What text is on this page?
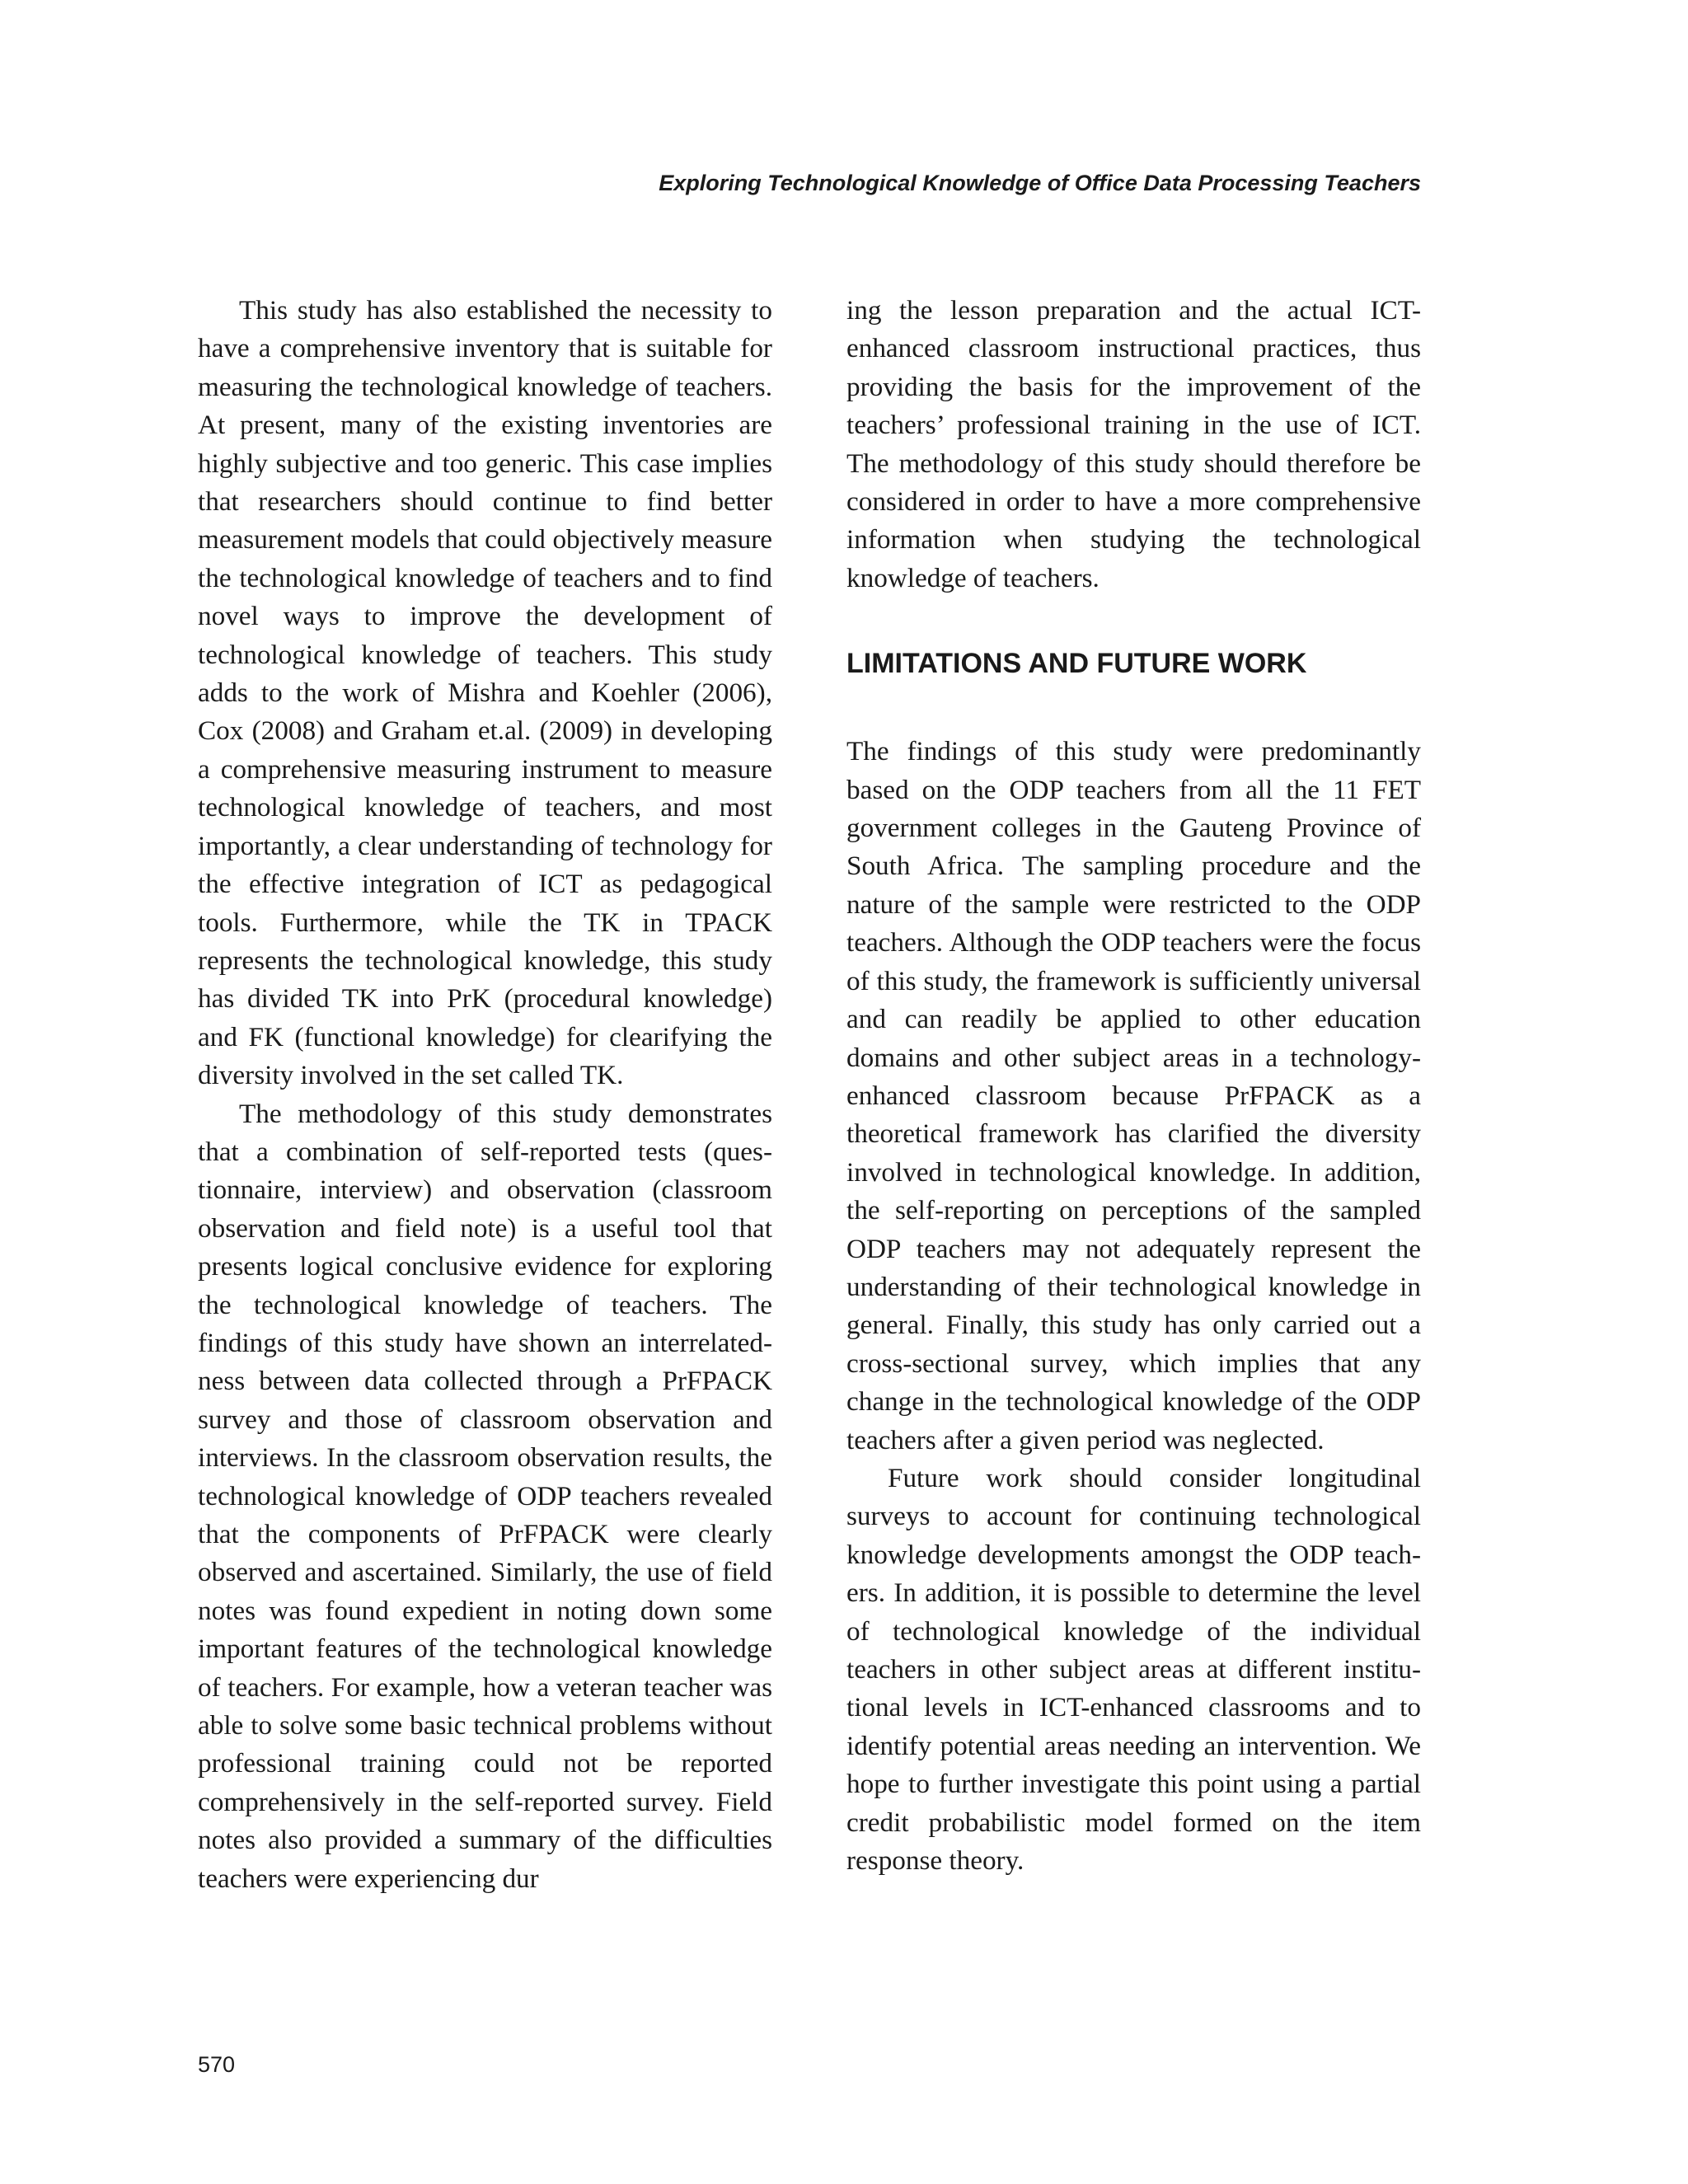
Exploring Technological Knowledge of Office Data Processing Teachers

This study has also established the necessity to have a comprehensive inventory that is suitable for measuring the technological knowledge of teachers. At present, many of the existing inventories are highly subjective and too generic. This case implies that researchers should continue to find better measurement models that could objectively measure the technological knowledge of teachers and to find novel ways to improve the development of technological knowledge of teachers. This study adds to the work of Mishra and Koehler (2006), Cox (2008) and Graham et.al. (2009) in developing a comprehensive measuring instrument to measure technological knowledge of teachers, and most importantly, a clear understanding of technology for the effective integration of ICT as pedagogical tools. Furthermore, while the TK in TPACK represents the technological knowledge, this study has divided TK into PrK (procedural knowledge) and FK (functional knowledge) for clearifying the diversity involved in the set called TK.

The methodology of this study demonstrates that a combination of self-reported tests (questionnaire, interview) and observation (classroom observation and field note) is a useful tool that presents logical conclusive evidence for exploring the technological knowledge of teachers. The findings of this study have shown an interrelatedness between data collected through a PrFPACK survey and those of classroom observation and interviews. In the classroom observation results, the technological knowledge of ODP teachers revealed that the components of PrFPACK were clearly observed and ascertained. Similarly, the use of field notes was found expedient in noting down some important features of the technological knowledge of teachers. For example, how a veteran teacher was able to solve some basic technical problems without professional training could not be reported comprehensively in the self-reported survey. Field notes also provided a summary of the difficulties teachers were experiencing dur

ing the lesson preparation and the actual ICT-enhanced classroom instructional practices, thus providing the basis for the improvement of the teachers’ professional training in the use of ICT. The methodology of this study should therefore be considered in order to have a more comprehensive information when studying the technological knowledge of teachers.

LIMITATIONS AND FUTURE WORK

The findings of this study were predominantly based on the ODP teachers from all the 11 FET government colleges in the Gauteng Province of South Africa. The sampling procedure and the nature of the sample were restricted to the ODP teachers. Although the ODP teachers were the focus of this study, the framework is sufficiently universal and can readily be applied to other education domains and other subject areas in a technology-enhanced classroom because PrFPACK as a theoretical framework has clarified the diversity involved in technological knowledge. In addition, the self-reporting on perceptions of the sampled ODP teachers may not adequately represent the understanding of their technological knowledge in general. Finally, this study has only carried out a cross-sectional survey, which implies that any change in the technological knowledge of the ODP teachers after a given period was neglected.

Future work should consider longitudinal surveys to account for continuing technological knowledge developments amongst the ODP teachers. In addition, it is possible to determine the level of technological knowledge of the individual teachers in other subject areas at different institutional levels in ICT-enhanced classrooms and to identify potential areas needing an intervention. We hope to further investigate this point using a partial credit probabilistic model formed on the item response theory.

570
